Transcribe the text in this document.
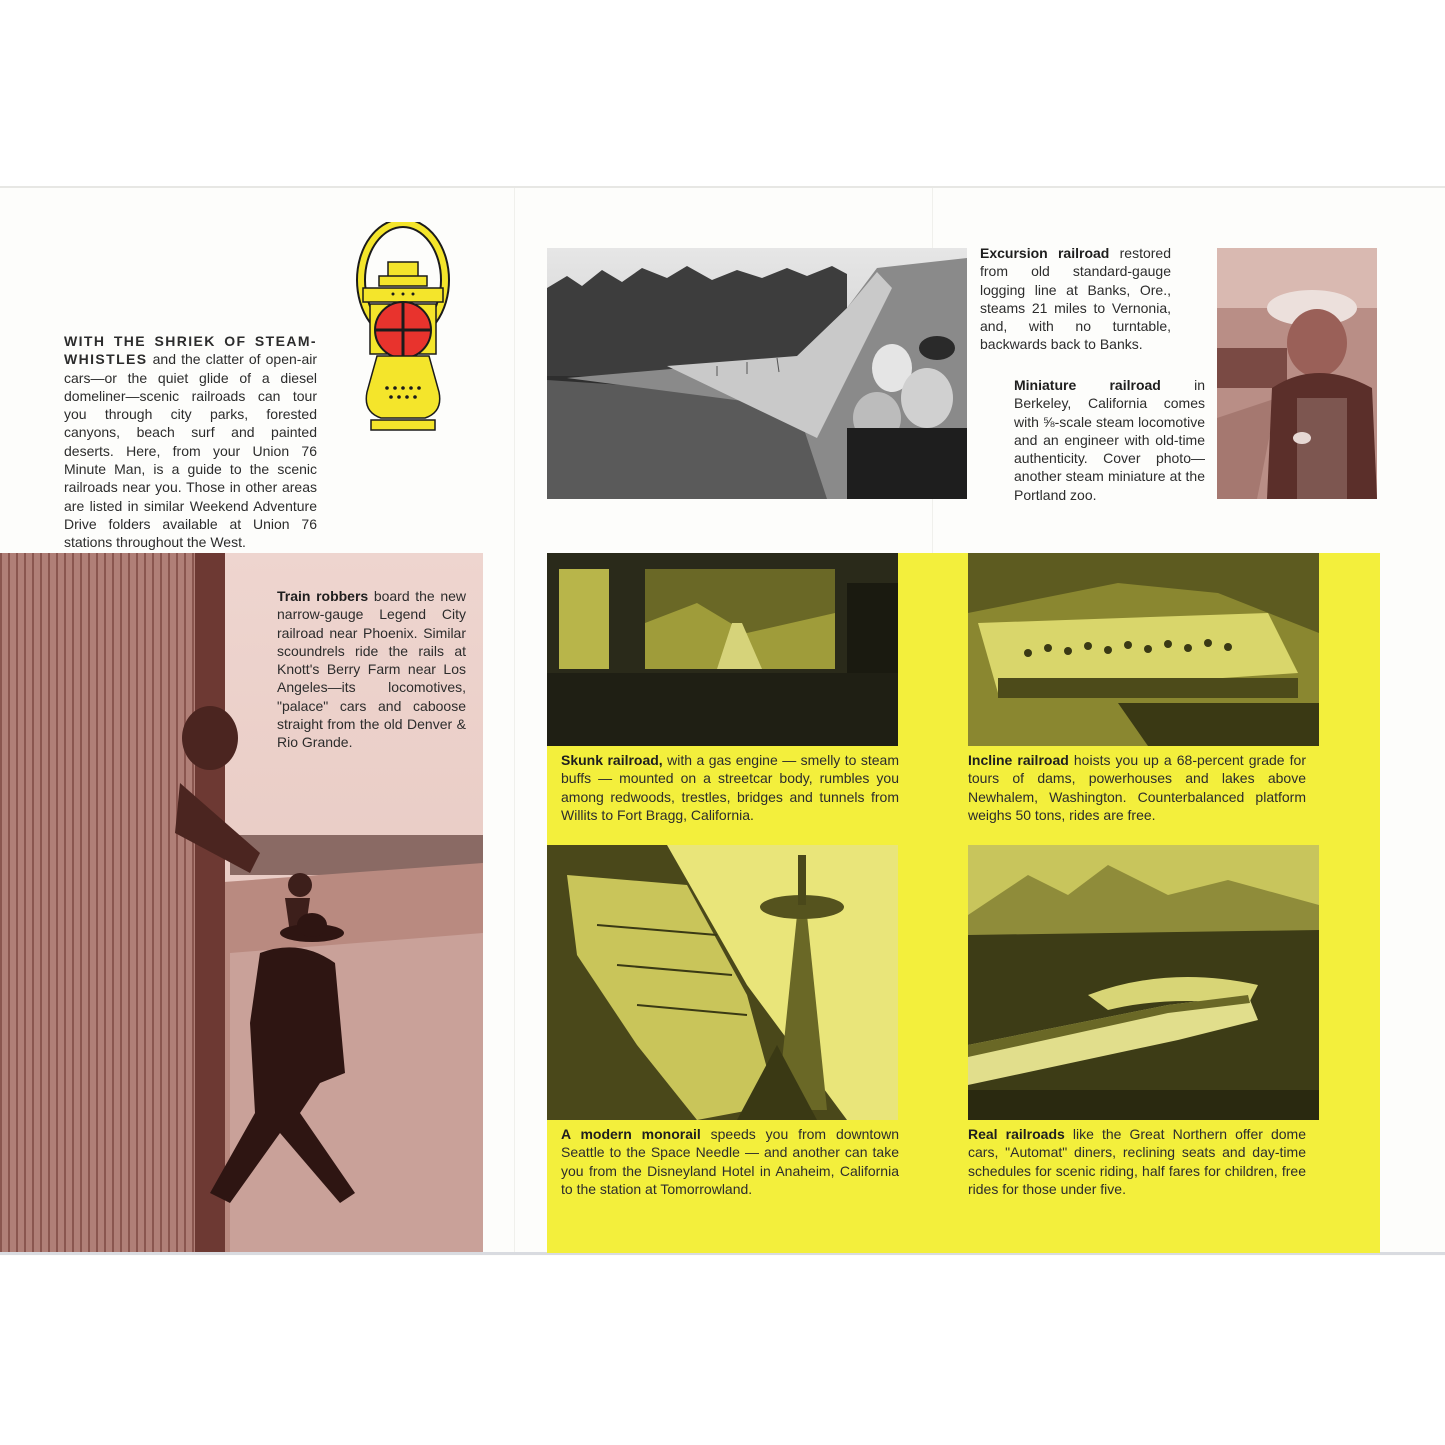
WITH THE SHRIEK OF STEAM-WHISTLES and the clatter of open-air cars—or the quiet glide of a diesel domeliner—scenic railroads can tour you through city parks, forested canyons, beach surf and painted deserts. Here, from your Union 76 Minute Man, is a guide to the scenic railroads near you. Those in other areas are listed in similar Weekend Adventure Drive folders available at Union 76 stations throughout the West.

Excursion railroad restored from old standard-gauge logging line at Banks, Ore., steams 21 miles to Vernonia, and, with no turntable, backwards back to Banks.

Miniature railroad in Berkeley, California comes with ⅝-scale steam locomotive and an engineer with old-time authenticity. Cover photo—another steam miniature at the Portland zoo.

Train robbers board the new narrow-gauge Legend City railroad near Phoenix. Similar scoundrels ride the rails at Knott's Berry Farm near Los Angeles—its locomotives, "palace" cars and caboose straight from the old Denver & Rio Grande.

Skunk railroad, with a gas engine — smelly to steam buffs — mounted on a streetcar body, rumbles you among redwoods, trestles, bridges and tunnels from Willits to Fort Bragg, California.

Incline railroad hoists you up a 68-percent grade for tours of dams, powerhouses and lakes above Newhalem, Washington. Counterbalanced platform weighs 50 tons, rides are free.

A modern monorail speeds you from downtown Seattle to the Space Needle — and another can take you from the Disneyland Hotel in Anaheim, California to the station at Tomorrowland.

Real railroads like the Great Northern offer dome cars, "Automat" diners, reclining seats and day-time schedules for scenic riding, half fares for children, free rides for those under five.
